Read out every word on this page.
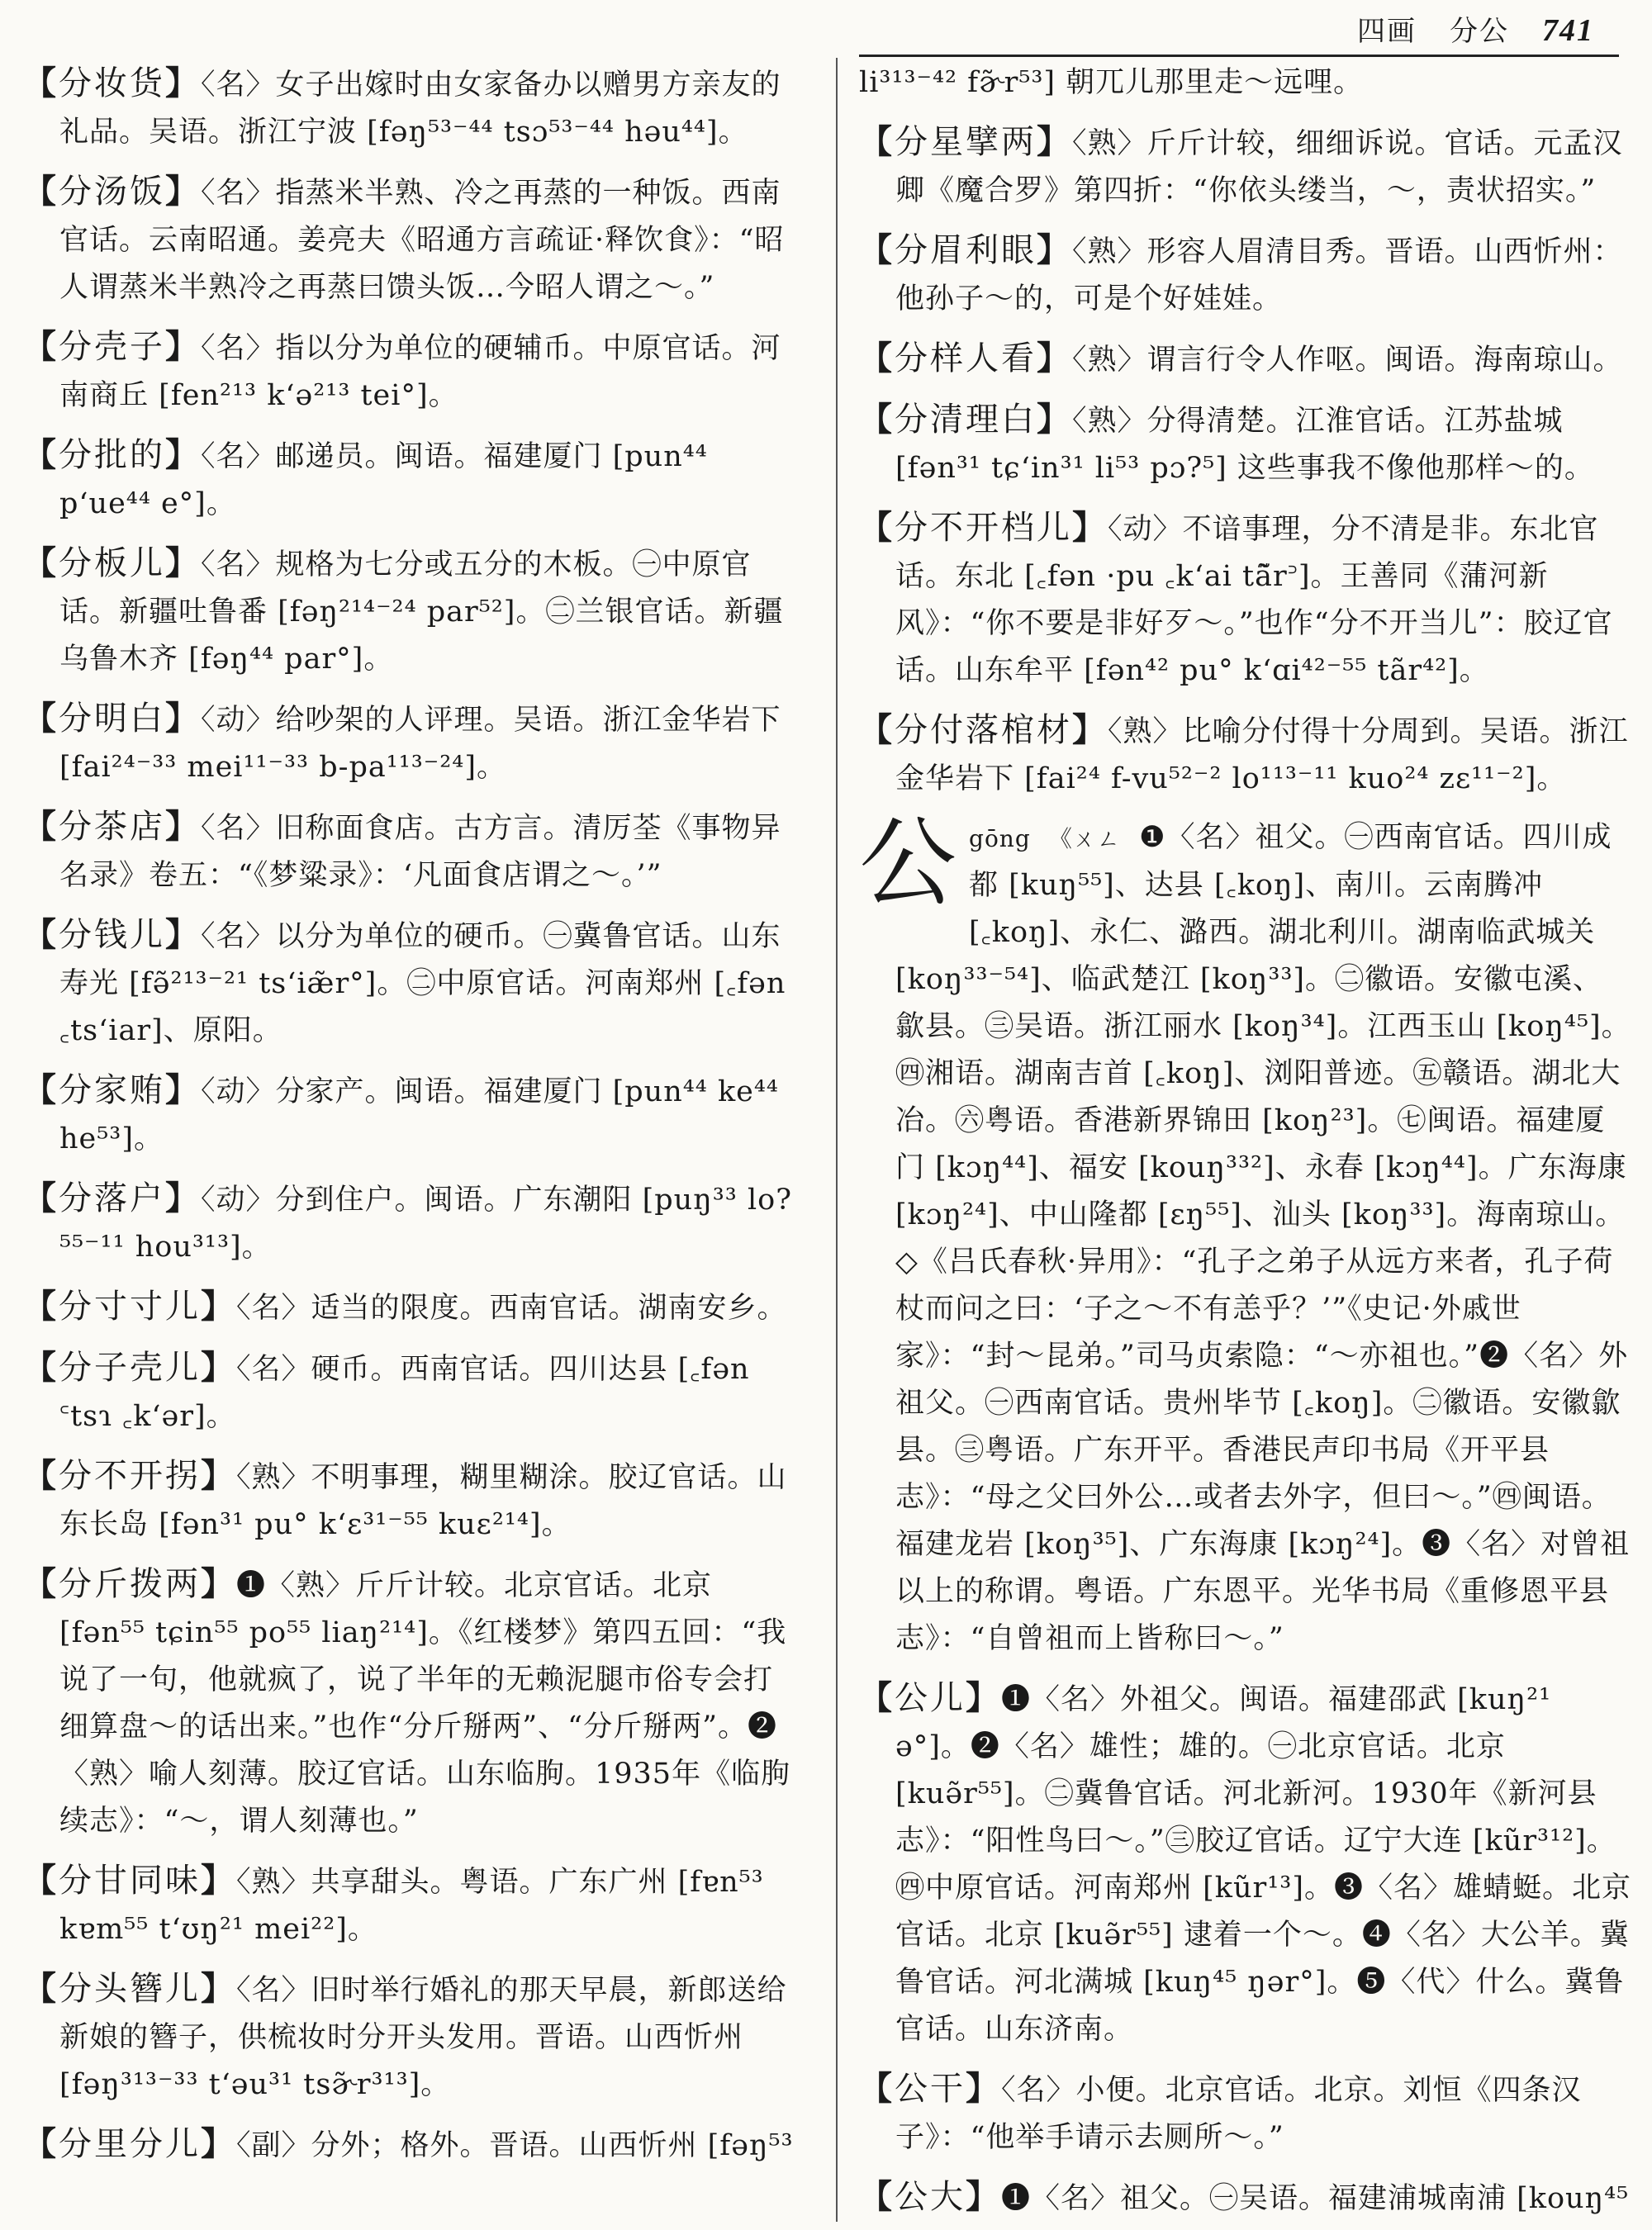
四画 分公 741
【分妆货】〈名〉女子出嫁时由女家备办以赠男方亲友的礼品。吴语。浙江宁波 [fəŋ⁵³⁻⁴⁴ tsɔ⁵³⁻⁴⁴ həu⁴⁴]。
【分汤饭】〈名〉指蒸米半熟、冷之再蒸的一种饭。西南官话。云南昭通。姜亮夫《昭通方言疏证·释饮食》：“昭人谓蒸米半熟冷之再蒸曰馈头饭…今昭人谓之～。”
【分壳子】〈名〉指以分为单位的硬辅币。中原官话。河南商丘 [fen²¹³ k‘ə²¹³ tei°]。
【分批的】〈名〉邮递员。闽语。福建厦门 [pun⁴⁴ p‘ue⁴⁴ e°]。
【分板儿】〈名〉规格为七分或五分的木板。㊀中原官话。新疆吐鲁番 [fəŋ²¹⁴⁻²⁴ par⁵²]。㊁兰银官话。新疆乌鲁木齐 [fəŋ⁴⁴ par°]。
【分明白】〈动〉给吵架的人评理。吴语。浙江金华岩下 [fai²⁴⁻³³ mei¹¹⁻³³ b-pa¹¹³⁻²⁴]。
【分茶店】〈名〉旧称面食店。古方言。清厉荃《事物异名录》卷五：“《梦粱录》：‘凡面食店谓之～。’”
【分钱儿】〈名〉以分为单位的硬币。㊀冀鲁官话。山东寿光 [fə̃²¹³⁻²¹ ts‘iæ̃r°]。㊁中原官话。河南郑州 [꜀fən ꜀ts‘iar]、原阳。
【分家贿】〈动〉分家产。闽语。福建厦门 [pun⁴⁴ ke⁴⁴ he⁵³]。
【分落户】〈动〉分到住户。闽语。广东潮阳 [puŋ³³ lo?⁵⁵⁻¹¹ hou³¹³]。
【分寸寸儿】〈名〉适当的限度。西南官话。湖南安乡。
【分子壳儿】〈名〉硬币。西南官话。四川达县 [꜀fən ꜂tsɿ ꜀k‘ər]。
【分不开拐】〈熟〉不明事理，糊里糊涂。胶辽官话。山东长岛 [fən³¹ pu° k‘ɛ³¹⁻⁵⁵ kuɛ²¹⁴]。
【分斤拨两】❶〈熟〉斤斤计较。北京官话。北京 [fən⁵⁵ tɕin⁵⁵ po⁵⁵ liaŋ²¹⁴]。《红楼梦》第四五回：“我说了一句，他就疯了，说了半年的无赖泥腿市俗专会打细算盘～的话出来。”也作“分斤掰两”、“分斤掰两”。❷〈熟〉喻人刻薄。胶辽官话。山东临朐。1935年《临朐续志》：“～，谓人刻薄也。”
【分甘同味】〈熟〉共享甜头。粤语。广东广州 [fɐn⁵³ kɐm⁵⁵ t‘ʊŋ²¹ mei²²]。
【分头簪儿】〈名〉旧时举行婚礼的那天早晨，新郎送给新娘的簪子，供梳妆时分开头发用。晋语。山西忻州 [fəŋ³¹³⁻³³ t‘əu³¹ tsɚ̃r³¹³]。
【分里分儿】〈副〉分外；格外。晋语。山西忻州 [fəŋ⁵³
li³¹³⁻⁴² fɚ̃r⁵³] 朝兀儿那里走～远哩。
【分星擘两】〈熟〉斤斤计较，细细诉说。官话。元孟汉卿《魔合罗》第四折：“你依头缕当，～，责状招实。”
【分眉利眼】〈熟〉形容人眉清目秀。晋语。山西忻州：他孙子～的，可是个好娃娃。
【分样人看】〈熟〉谓言行令人作呕。闽语。海南琼山。
【分清理白】〈熟〉分得清楚。江淮官话。江苏盐城 [fən³¹ tɕ‘in³¹ li⁵³ pɔ?⁵] 这些事我不像他那样～的。
【分不开档儿】〈动〉不谙事理，分不清是非。东北官话。东北 [꜀fən ·pu ꜀k‘ai tã̃r꜄]。王善同《蒲河新风》：“你不要是非好歹～。”也作“分不开当儿”：胶辽官话。山东牟平 [fən⁴² pu° k‘ɑi⁴²⁻⁵⁵ tãr⁴²]。
【分付落棺材】〈熟〉比喻分付得十分周到。吴语。浙江金华岩下 [fai²⁴ f-vu⁵²⁻² lo¹¹³⁻¹¹ kuo²⁴ zɛ¹¹⁻²]。
公 gōng 《ㄨㄥ ❶〈名〉祖父。㊀西南官话。四川成都 [kuŋ⁵⁵]、达县 [꜀koŋ]、南川。云南腾冲 [꜀koŋ]、永仁、潞西。湖北利川。湖南临武城关 [koŋ³³⁻⁵⁴]、临武楚江 [koŋ³³]。㊁徽语。安徽屯溪、歙县。㊂吴语。浙江丽水 [koŋ³⁴]。江西玉山 [koŋ⁴⁵]。㊃湘语。湖南吉首 [꜀koŋ]、浏阳普迹。㊄赣语。湖北大冶。㊅粤语。香港新界锦田 [koŋ²³]。㊆闽语。福建厦门 [kɔŋ⁴⁴]、福安 [kouŋ³³²]、永春 [kɔŋ⁴⁴]。广东海康 [kɔŋ²⁴]、中山隆都 [ɛŋ⁵⁵]、汕头 [koŋ³³]。海南琼山。◇《吕氏春秋·异用》：“孔子之弟子从远方来者，孔子荷杖而问之曰：‘子之～不有恙乎？’”《史记·外戚世家》：“封～昆弟。”司马贞索隐：“～亦祖也。”❷〈名〉外祖父。㊀西南官话。贵州毕节 [꜀koŋ]。㊁徽语。安徽歙县。㊂粤语。广东开平。香港民声印书局《开平县志》：“母之父曰外公…或者去外字，但曰～。”㊃闽语。福建龙岩 [koŋ³⁵]、广东海康 [kɔŋ²⁴]。❸〈名〉对曾祖以上的称谓。粤语。广东恩平。光华书局《重修恩平县志》：“自曾祖而上皆称曰～。”
【公儿】❶〈名〉外祖父。闽语。福建邵武 [kuŋ²¹ ə°]。❷〈名〉雄性；雄的。㊀北京官话。北京 [kuə̃r⁵⁵]。㊁冀鲁官话。河北新河。1930年《新河县志》：“阳性鸟曰～。”㊂胶辽官话。辽宁大连 [kũr³¹²]。㊃中原官话。河南郑州 [kũr¹³]。❸〈名〉雄蜻蜓。北京官话。北京 [kuə̃r⁵⁵] 逮着一个～。❹〈名〉大公羊。冀鲁官话。河北满城 [kuŋ⁴⁵ ŋər°]。❺〈代〉什么。冀鲁官话。山东济南。
【公干】〈名〉小便。北京官话。北京。刘恒《四条汉子》：“他举手请示去厕所～。”
【公大】❶〈名〉祖父。㊀吴语。福建浦城南浦 [kouŋ⁴⁵
